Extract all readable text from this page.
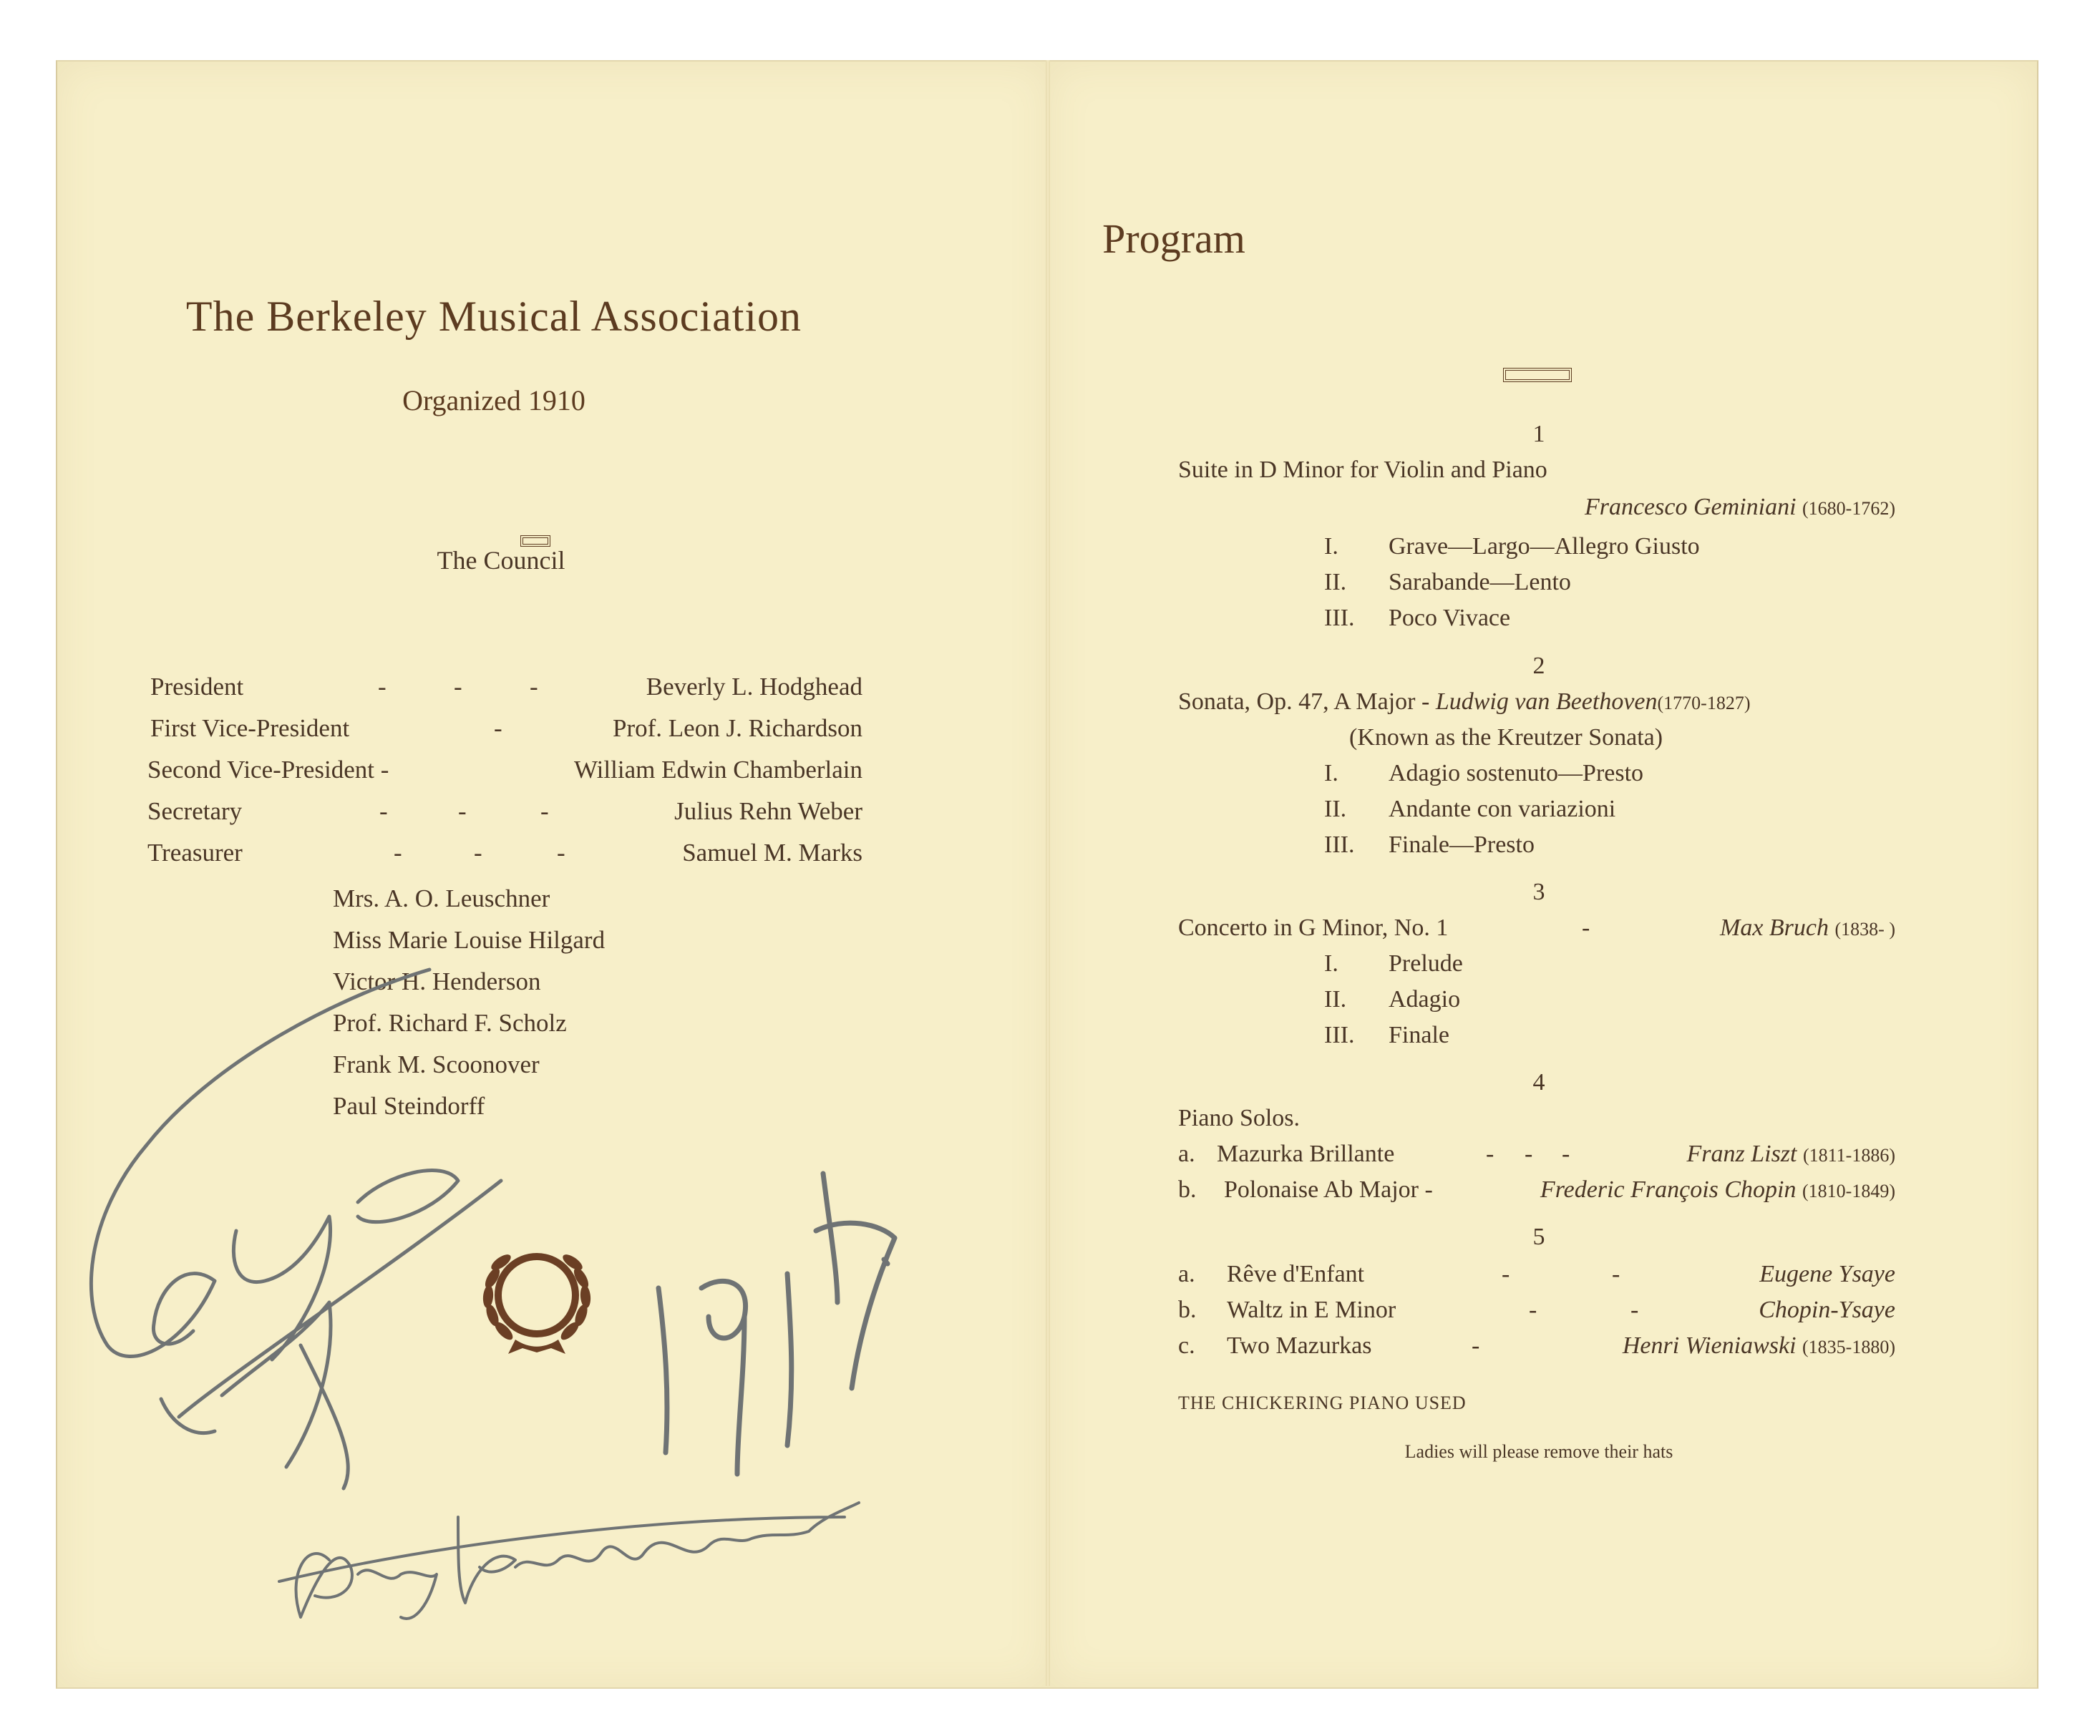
The Berkeley Musical Association
Organized 1910
The Council
President	-	-	-	Beverly L. Hodghead
First Vice-President	-	Prof. Leon J. Richardson
Second Vice-President -	William Edwin Chamberlain
Secretary	-	-	-	Julius Rehn Weber
Treasurer	-	-	-	Samuel M. Marks
Mrs. A. O. Leuschner
Miss Marie Louise Hilgard
Victor H. Henderson
Prof. Richard F. Scholz
Frank M. Scoonover
Paul Steindorff
Program
1
Suite in D Minor for Violin and Piano
Francesco Geminiani (1680-1762)
I. Grave—Largo—Allegro Giusto
II. Sarabande—Lento
III. Poco Vivace
2
Sonata, Op. 47, A Major - Ludwig van Beethoven(1770-1827)
(Known as the Kreutzer Sonata)
I. Adagio sostenuto—Presto
II. Andante con variazioni
III. Finale—Presto
3
Concerto in G Minor, No. 1	-	Max Bruch (1838- )
I. Prelude
II. Adagio
III. Finale
4
Piano Solos.
a. Mazurka Brillante	- - -	Franz Liszt (1811-1886)
b. Polonaise Ab Major -	Frederic François Chopin (1810-1849)
5
a. Rêve d'Enfant	-	-	Eugene Ysaye
b. Waltz in E Minor	-	-	Chopin-Ysaye
c. Two Mazurkas	-	Henri Wieniawski (1835-1880)
THE CHICKERING PIANO USED
Ladies will please remove their hats
